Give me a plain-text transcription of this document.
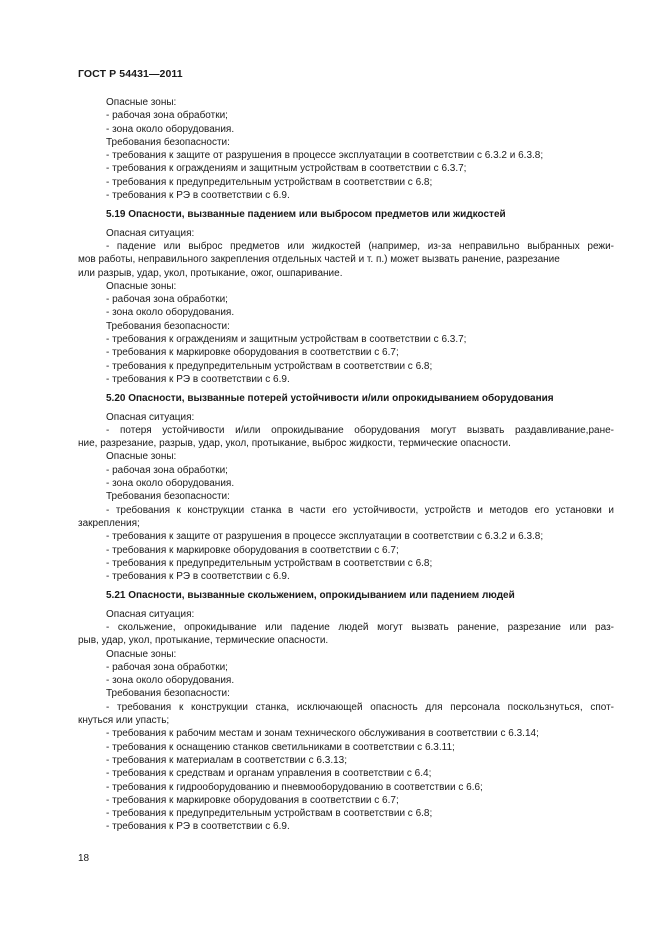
ГОСТ Р 54431—2011
Опасные зоны:
- рабочая зона обработки;
- зона около оборудования.
Требования безопасности:
- требования к защите от разрушения в процессе эксплуатации в соответствии с 6.3.2 и 6.3.8;
- требования к ограждениям и защитным устройствам в соответствии с 6.3.7;
- требования к предупредительным устройствам в соответствии с 6.8;
- требования к РЭ в соответствии с 6.9.
5.19 Опасности, вызванные падением или выбросом предметов или жидкостей
Опасная ситуация:
- падение или выброс предметов или жидкостей (например, из-за неправильно выбранных режи-
мов работы, неправильного закрепления отдельных частей и т. п.) может вызвать ранение, разрезание
или разрыв, удар, укол, протыкание, ожог, ошпаривание.
Опасные зоны:
- рабочая зона обработки;
- зона около оборудования.
Требования безопасности:
- требования к ограждениям и защитным устройствам в соответствии с 6.3.7;
- требования к маркировке оборудования в соответствии с 6.7;
- требования к предупредительным устройствам в соответствии с 6.8;
- требования к РЭ в соответствии с 6.9.
5.20 Опасности, вызванные потерей устойчивости и/или опрокидыванием оборудования
Опасная ситуация:
- потеря устойчивости и/или опрокидывание оборудования могут вызвать раздавливание,ране-
ние, разрезание, разрыв, удар, укол, протыкание, выброс жидкости, термические опасности.
Опасные зоны:
- рабочая зона обработки;
- зона около оборудования.
Требования безопасности:
- требования к конструкции станка в части его устойчивости, устройств и методов его установки и
закрепления;
- требования к защите от разрушения в процессе эксплуатации в соответствии с 6.3.2 и 6.3.8;
- требования к маркировке оборудования в соответствии с 6.7;
- требования к предупредительным устройствам в соответствии с 6.8;
- требования к РЭ в соответствии с 6.9.
5.21 Опасности, вызванные скольжением, опрокидыванием или падением людей
Опасная ситуация:
- скольжение, опрокидывание или падение людей могут вызвать ранение, разрезание или раз-
рыв, удар, укол, протыкание, термические опасности.
Опасные зоны:
- рабочая зона обработки;
- зона около оборудования.
Требования безопасности:
- требования к конструкции станка, исключающей опасность для персонала поскользнуться, спот-
кнуться или упасть;
- требования к рабочим местам и зонам технического обслуживания в соответствии с 6.3.14;
- требования к оснащению станков светильниками в соответствии с 6.3.11;
- требования к материалам в соответствии с 6.3.13;
- требования к средствам и органам управления в соответствии с 6.4;
- требования к гидрооборудованию и пневмооборудованию в соответствии с 6.6;
- требования к маркировке оборудования в соответствии с 6.7;
- требования к предупредительным устройствам в соответствии с 6.8;
- требования к РЭ в соответствии с 6.9.
18
